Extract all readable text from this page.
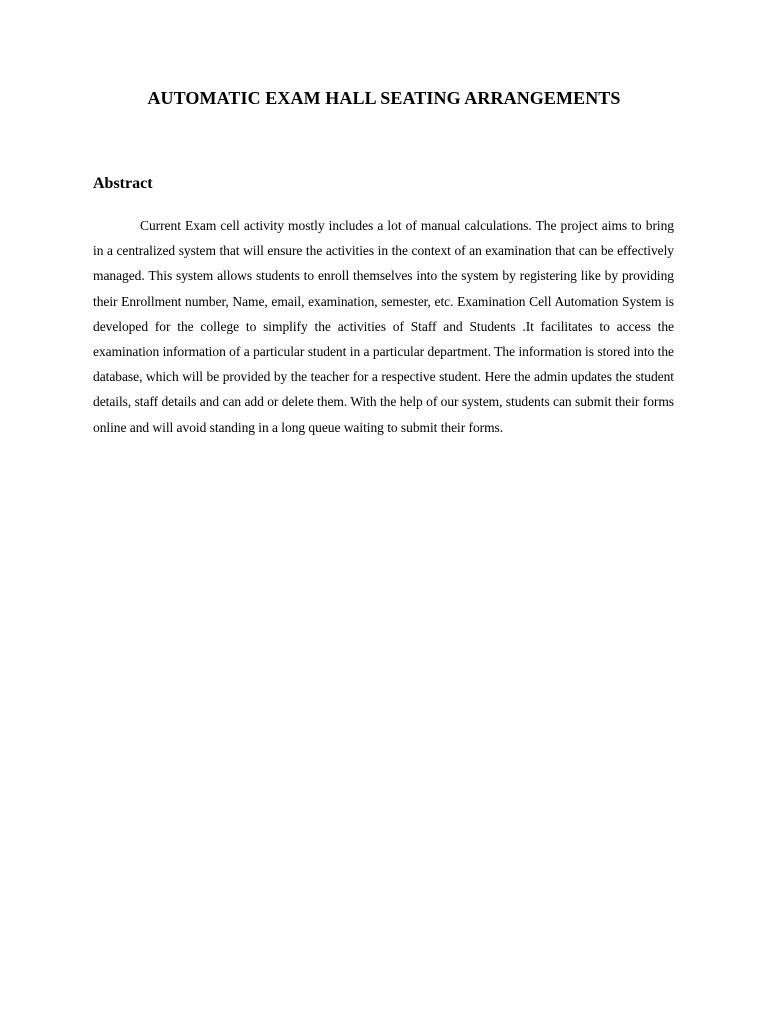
AUTOMATIC EXAM HALL SEATING ARRANGEMENTS
Abstract

Current Exam cell activity mostly includes a lot of manual calculations. The project aims to bring in a centralized system that will ensure the activities in the context of an examination that can be effectively managed. This system allows students to enroll themselves into the system by registering like by providing their Enrollment number, Name, email, examination, semester, etc. Examination Cell Automation System is developed for the college to simplify the activities of Staff and Students .It facilitates to access the examination information of a particular student in a particular department. The information is stored into the database, which will be provided by the teacher for a respective student. Here the admin updates the student details, staff details and can add or delete them. With the help of our system, students can submit their forms online and will avoid standing in a long queue waiting to submit their forms.
